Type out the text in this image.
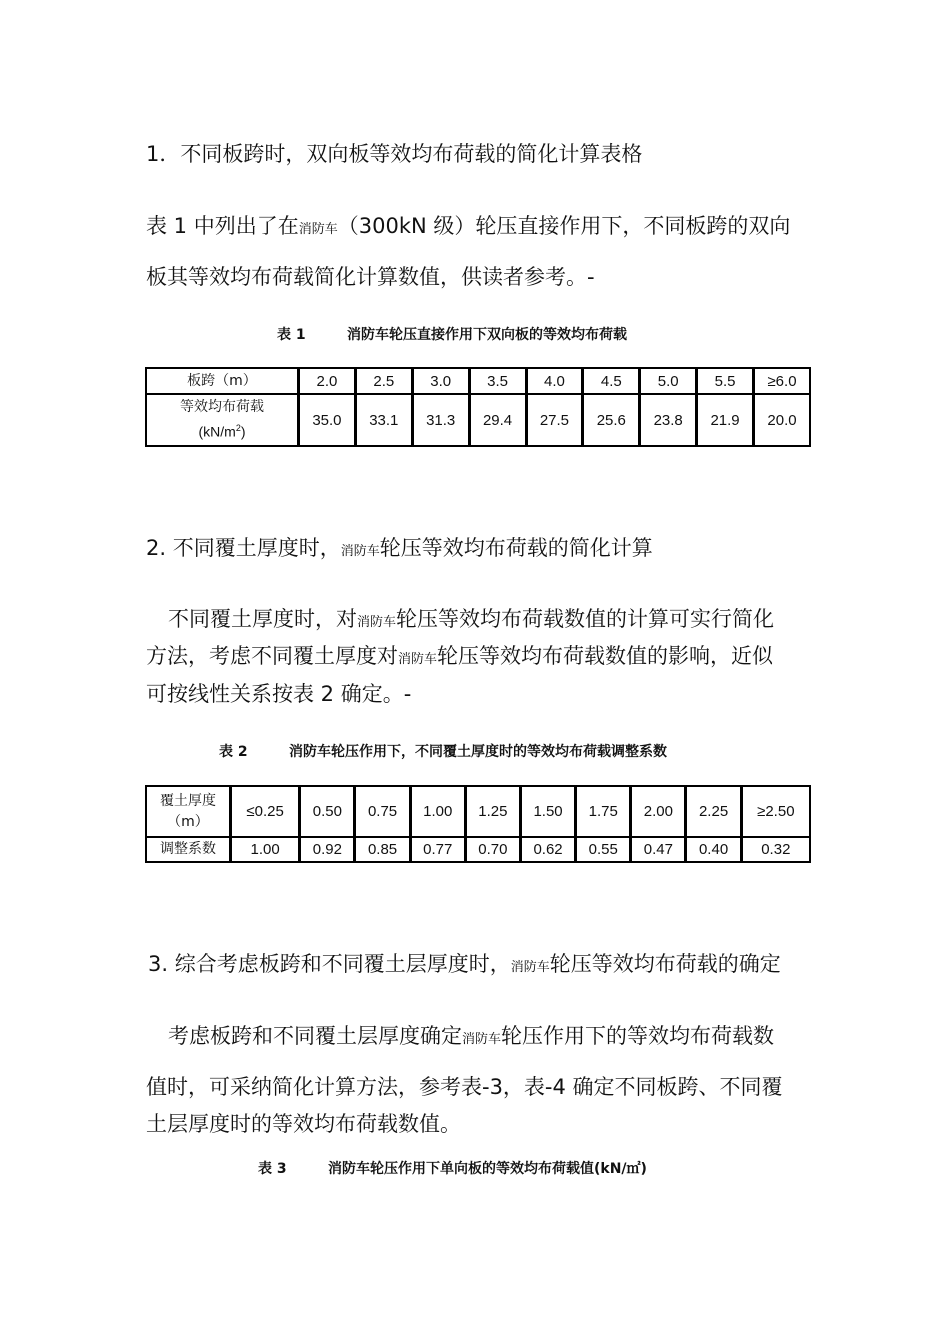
1．不同板跨时，双向板等效均布荷载的简化计算表格
表 1 中列出了在消防车（300kN 级）轮压直接作用下，不同板跨的双向
板其等效均布荷载简化计算数值，供读者参考。-
表 1	消防车轮压直接作用下双向板的等效均布荷载
板跨（m）	2.0	2.5	3.0	3.5	4.0	4.5	5.0	5.5	≥6.0

等效均布荷载
$(kN/m^2)$	35.0	33.1	31.3	29.4	27.5	25.6	23.8	21.9	20.0
2. 不同覆土厚度时，消防车轮压等效均布荷载的简化计算
不同覆土厚度时，对消防车轮压等效均布荷载数值的计算可实行简化
方法，考虑不同覆土厚度对消防车轮压等效均布荷载数值的影响，近似
可按线性关系按表 2 确定。-
表 2	消防车轮压作用下，不同覆土厚度时的等效均布荷载调整系数
覆土厚度
（m）	≤0.25	0.50	0.75	1.00	1.25	1.50	1.75	2.00	2.25	≥2.50
调整系数	1.00	0.92	0.85	0.77	0.70	0.62	0.55	0.47	0.40	0.32
3. 综合考虑板跨和不同覆土层厚度时，消防车轮压等效均布荷载的确定
考虑板跨和不同覆土层厚度确定消防车轮压作用下的等效均布荷载数
值时，可采纳简化计算方法，参考表-3，表-4 确定不同板跨、不同覆
土层厚度时的等效均布荷载数值。
表 3	消防车轮压作用下单向板的等效均布荷载值(kN/㎡)
